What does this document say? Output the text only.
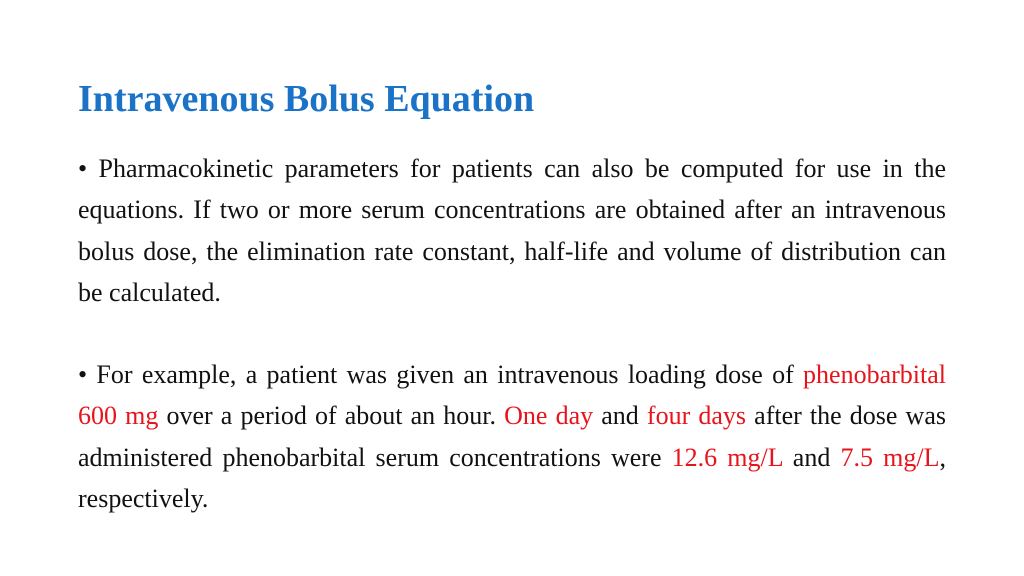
Intravenous Bolus Equation

• Pharmacokinetic parameters for patients can also be computed for use in the equations. If two or more serum concentrations are obtained after an intravenous bolus dose, the elimination rate constant, half-life and volume of distribution can be calculated.

• For example, a patient was given an intravenous loading dose of phenobarbital 600 mg over a period of about an hour. One day and four days after the dose was administered phenobarbital serum concentrations were 12.6 mg/L and 7.5 mg/L, respectively.
